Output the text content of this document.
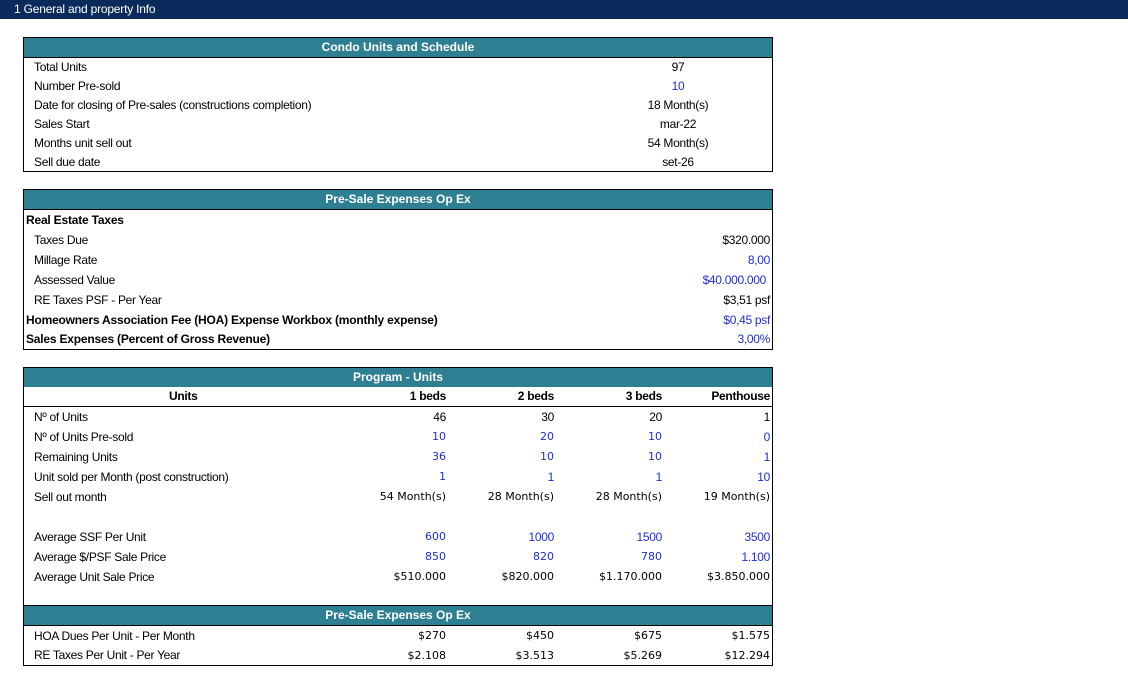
1 General and property Info
Condo Units and Schedule
Total Units	97
Number Pre-sold	10
Date for closing of Pre-sales (constructions completion)	18 Month(s)
Sales Start	mar-22
Months unit sell out	54 Month(s)
Sell due date	set-26
Pre-Sale Expenses Op Ex
Real Estate Taxes
Taxes Due	$320.000
Millage Rate	8,00
Assessed Value	$40.000.000
RE Taxes PSF - Per Year	$3,51 psf
Homeowners Association Fee (HOA) Expense Workbox (monthly expense)	$0,45 psf
Sales Expenses (Percent of Gross Revenue)	3,00%
Program - Units
Units	1 beds	2 beds	3 beds	Penthouse
Nº of Units	46	30	20	1
Nº of Units Pre-sold	10	20	10	0
Remaining Units	36	10	10	1
Unit sold per Month (post construction)	1	1	1	10
Sell out month	54 Month(s)	28 Month(s)	28 Month(s)	19 Month(s)
Average SSF Per Unit	600	1000	1500	3500
Average $/PSF Sale Price	850	820	780	1.100
Average Unit Sale Price	$510.000	$820.000	$1.170.000	$3.850.000
Pre-Sale Expenses Op Ex
HOA Dues Per Unit - Per Month	$270	$450	$675	$1.575
RE Taxes Per Unit - Per Year	$2.108	$3.513	$5.269	$12.294
